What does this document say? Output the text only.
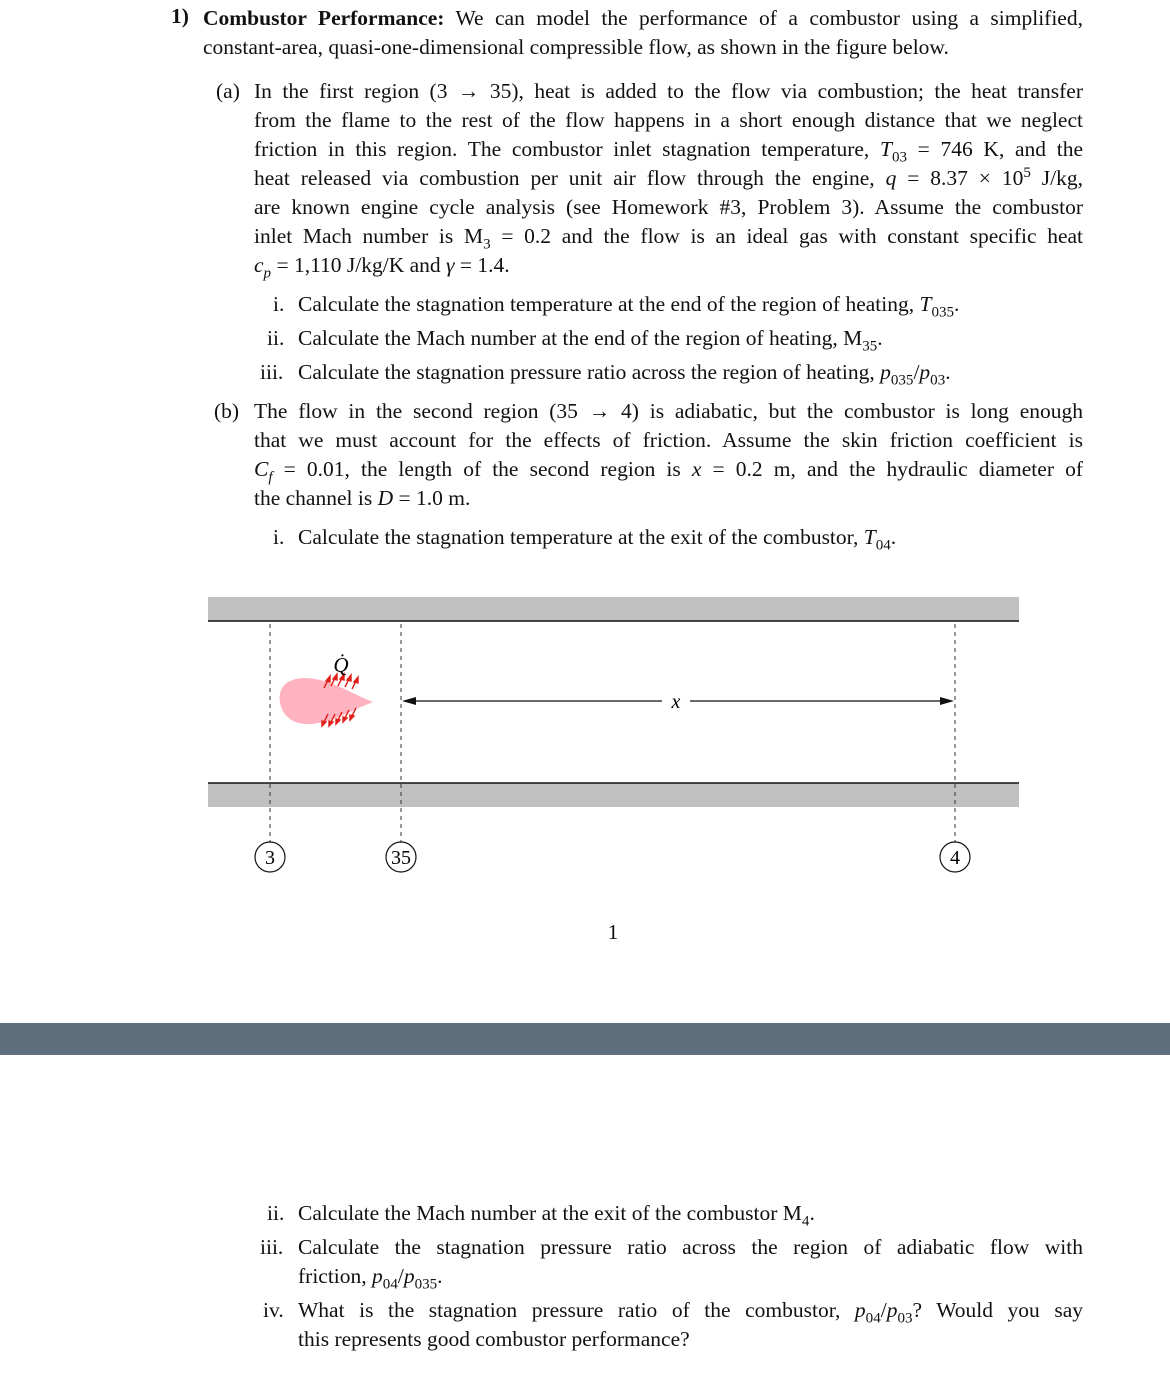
1) Combustor Performance: We can model the performance of a combustor using a simplified,
constant-area, quasi-one-dimensional compressible flow, as shown in the figure below.
(a) In the first region (3 → 35), heat is added to the flow via combustion; the heat transfer
from the flame to the rest of the flow happens in a short enough distance that we neglect
friction in this region. The combustor inlet stagnation temperature, $T_{03} = 746$ K, and the
heat released via combustion per unit air flow through the engine, $q = 8.37 \times 10^5$ J/kg,
are known engine cycle analysis (see Homework #3, Problem 3). Assume the combustor
inlet Mach number is $M_3 = 0.2$ and the flow is an ideal gas with constant specific heat
$c_p = 1,110$ J/kg/K and γ = 1.4.
i. Calculate the stagnation temperature at the end of the region of heating, $T_{035}$.
ii. Calculate the Mach number at the end of the region of heating, $M_{35}$.
iii. Calculate the stagnation pressure ratio across the region of heating, $p_{035}/p_{03}$.
(b) The flow in the second region (35 → 4) is adiabatic, but the combustor is long enough
that we must account for the effects of friction. Assume the skin friction coefficient is
$C_f = 0.01$, the length of the second region is x = 0.2 m, and the hydraulic diameter of
the channel is D = 1.0 m.
i. Calculate the stagnation temperature at the exit of the combustor, $T_{04}$.
Q̇
x
3	35	4
1
ii. Calculate the Mach number at the exit of the combustor $M_4$.
iii. Calculate the stagnation pressure ratio across the region of adiabatic flow with
friction, $p_{04}/p_{035}$.
iv. What is the stagnation pressure ratio of the combustor, $p_{04}/p_{03}$? Would you say
this represents good combustor performance?
